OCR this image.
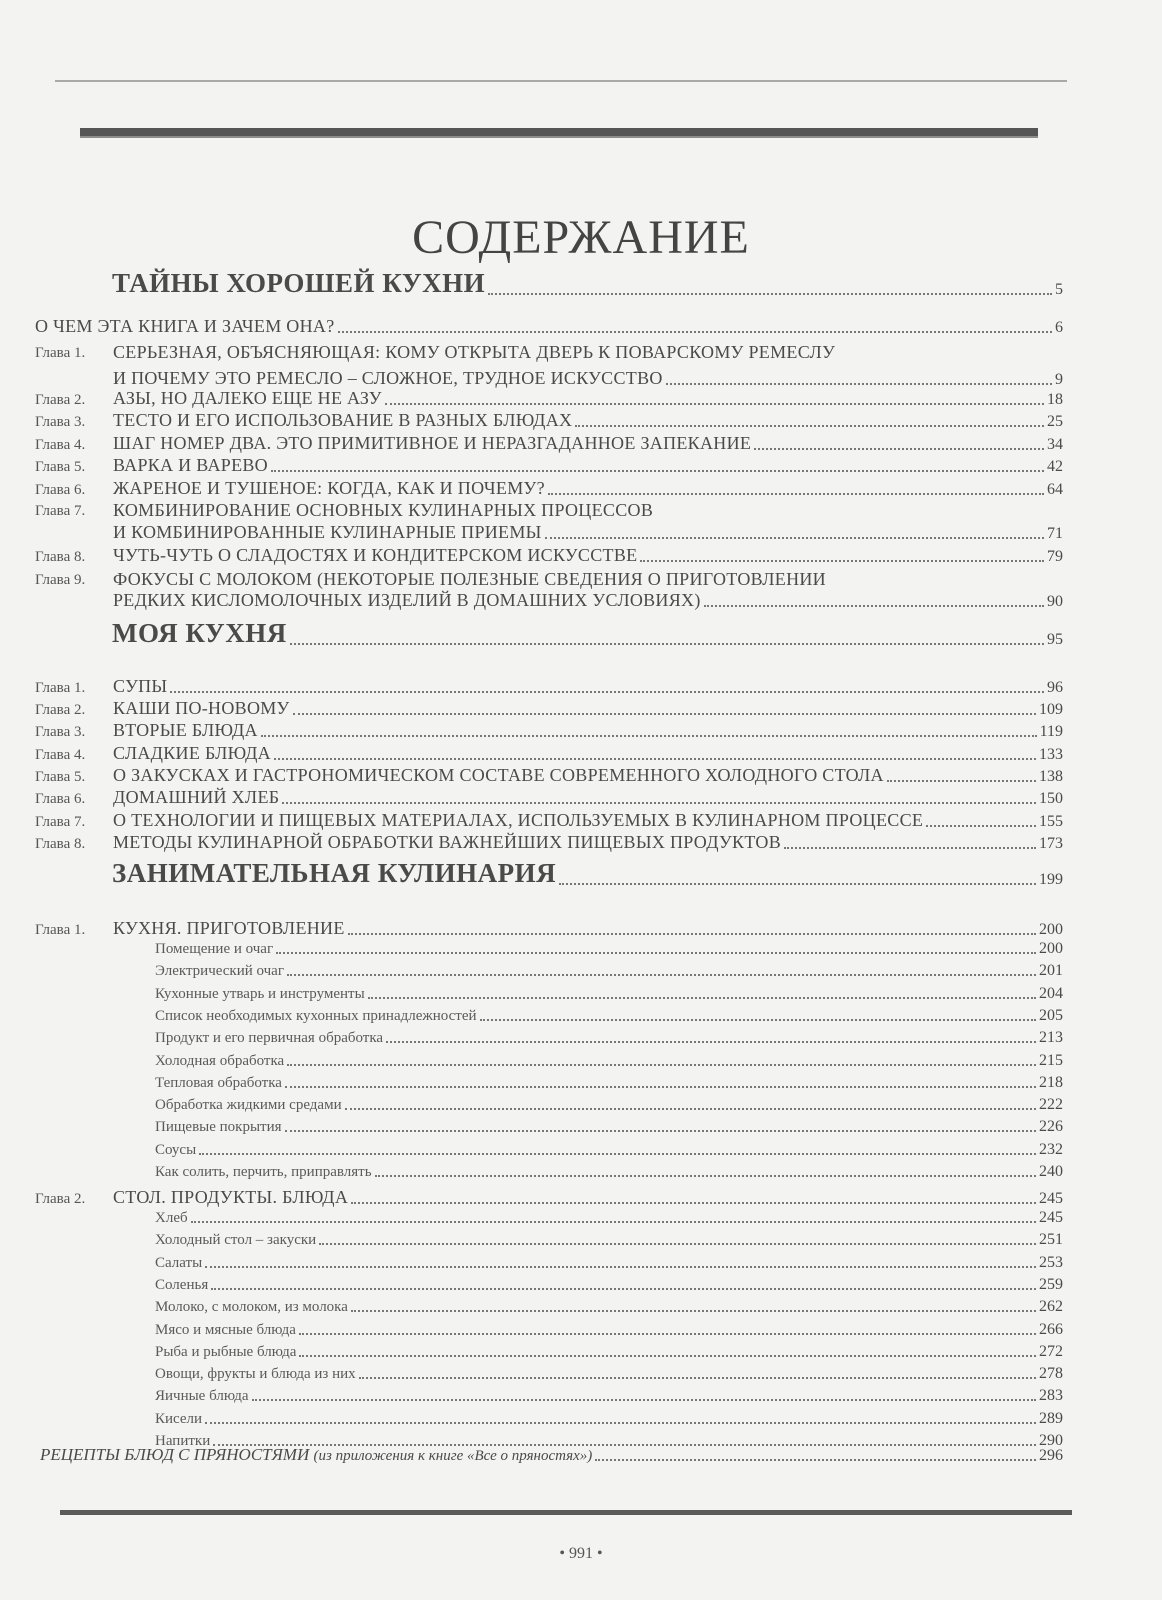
СОДЕРЖАНИЕ
ТАЙНЫ ХОРОШЕЙ КУХНИ	5
О ЧЕМ ЭТА КНИГА И ЗАЧЕМ ОНА?	6
Глава 1.	СЕРЬЕЗНАЯ, ОБЪЯСНЯЮЩАЯ: КОМУ ОТКРЫТА ДВЕРЬ К ПОВАРСКОМУ РЕМЕСЛУ
И ПОЧЕМУ ЭТО РЕМЕСЛО – СЛОЖНОЕ, ТРУДНОЕ ИСКУССТВО	9
Глава 2.	АЗЫ, НО ДАЛЕКО ЕЩЕ НЕ АЗУ	18
Глава 3.	ТЕСТО И ЕГО ИСПОЛЬЗОВАНИЕ В РАЗНЫХ БЛЮДАХ	25
Глава 4.	ШАГ НОМЕР ДВА. ЭТО ПРИМИТИВНОЕ И НЕРАЗГАДАННОЕ ЗАПЕКАНИЕ	34
Глава 5.	ВАРКА И ВАРЕВО	42
Глава 6.	ЖАРЕНОЕ И ТУШЕНОЕ: КОГДА, КАК И ПОЧЕМУ?	64
Глава 7.	КОМБИНИРОВАНИЕ ОСНОВНЫХ КУЛИНАРНЫХ ПРОЦЕССОВ
И КОМБИНИРОВАННЫЕ КУЛИНАРНЫЕ ПРИЕМЫ	71
Глава 8.	ЧУТЬ-ЧУТЬ О СЛАДОСТЯХ И КОНДИТЕРСКОМ ИСКУССТВЕ	79
Глава 9.	ФОКУСЫ С МОЛОКОМ (НЕКОТОРЫЕ ПОЛЕЗНЫЕ СВЕДЕНИЯ О ПРИГОТОВЛЕНИИ
РЕДКИХ КИСЛОМОЛОЧНЫХ ИЗДЕЛИЙ В ДОМАШНИХ УСЛОВИЯХ)	90
МОЯ КУХНЯ	95
Глава 1.	СУПЫ	96
Глава 2.	КАШИ ПО-НОВОМУ	109
Глава 3.	ВТОРЫЕ БЛЮДА	119
Глава 4.	СЛАДКИЕ БЛЮДА	133
Глава 5.	О ЗАКУСКАХ И ГАСТРОНОМИЧЕСКОМ СОСТАВЕ СОВРЕМЕННОГО ХОЛОДНОГО СТОЛА	138
Глава 6.	ДОМАШНИЙ ХЛЕБ	150
Глава 7.	О ТЕХНОЛОГИИ И ПИЩЕВЫХ МАТЕРИАЛАХ, ИСПОЛЬЗУЕМЫХ В КУЛИНАРНОМ ПРОЦЕССЕ	155
Глава 8.	МЕТОДЫ КУЛИНАРНОЙ ОБРАБОТКИ ВАЖНЕЙШИХ ПИЩЕВЫХ ПРОДУКТОВ	173
ЗАНИМАТЕЛЬНАЯ КУЛИНАРИЯ	199
Глава 1.	КУХНЯ. ПРИГОТОВЛЕНИЕ	200
Помещение и очаг	200
Электрический очаг	201
Кухонные утварь и инструменты	204
Список необходимых кухонных принадлежностей	205
Продукт и его первичная обработка	213
Холодная обработка	215
Тепловая обработка	218
Обработка жидкими средами	222
Пищевые покрытия	226
Соусы	232
Как солить, перчить, приправлять	240
Глава 2.	СТОЛ. ПРОДУКТЫ. БЛЮДА	245
Хлеб	245
Холодный стол – закуски	251
Салаты	253
Соленья	259
Молоко, с молоком, из молока	262
Мясо и мясные блюда	266
Рыба и рыбные блюда	272
Овощи, фрукты и блюда из них	278
Яичные блюда	283
Кисели	289
Напитки	290
РЕЦЕПТЫ БЛЮД С ПРЯНОСТЯМИ (из приложения к книге «Все о пряностях»)	296
• 991 •
